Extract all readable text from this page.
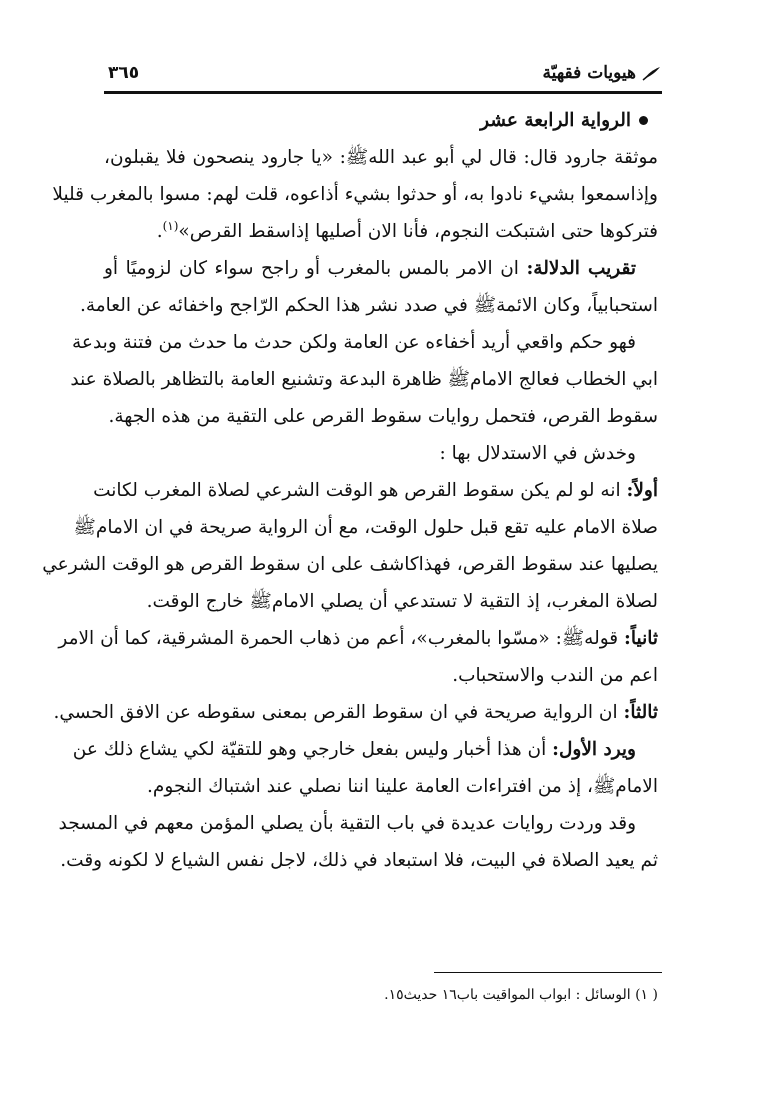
هيويات فقهيّة
٣٦٥
الرواية الرابعة عشر
موثقة جارود قال: قال لي أبو عبد اللهﷺ: «يا جارود ينصحون فلا يقبلون،
وإذاسمعوا بشيء نادوا به، أو حدثوا بشيء أذاعوه، قلت لهم: مسوا بالمغرب قليلا
فتركوها حتى اشتبكت النجوم، فأنا الان أصليها إذاسقط القرص»$^{(١)}$.
تقريب الدلالة: ان الامر بالمس بالمغرب أو راجح سواء كان لزوميًا أو
استحبابياً، وكان الائمةﷺ في صدد نشر هذا الحكم الرّاجح واخفائه عن العامة.
فهو حكم واقعي أريد أخفاءه عن العامة ولكن حدث ما حدث من فتنة وبدعة
ابي الخطاب فعالج الامامﷺ ظاهرة البدعة وتشنيع العامة بالتظاهر بالصلاة عند
سقوط القرص، فتحمل روايات سقوط القرص على التقية من هذه الجهة.
وخدش في الاستدلال بها :
أولاً: انه لو لم يكن سقوط القرص هو الوقت الشرعي لصلاة المغرب لكانت
صلاة الامام عليه تقع قبل حلول الوقت، مع أن الرواية صريحة في ان الامامﷺ
يصليها عند سقوط القرص، فهذاكاشف على ان سقوط القرص هو الوقت الشرعي
لصلاة المغرب، إذ التقية لا تستدعي أن يصلي الامامﷺ خارج الوقت.
ثانياً: قولهﷺ: «مسّوا بالمغرب»، أعم من ذهاب الحمرة المشرقية، كما أن الامر
اعم من الندب والاستحباب.
ثالثاً: ان الرواية صريحة في ان سقوط القرص بمعنى سقوطه عن الافق الحسي.
ويرد الأول: أن هذا أخبار وليس بفعل خارجي وهو للتقيّة لكي يشاع ذلك عن
الامامﷺ، إذ من افتراءات العامة علينا اننا نصلي عند اشتباك النجوم.
وقد وردت روايات عديدة في باب التقية بأن يصلي المؤمن معهم في المسجد
ثم يعيد الصلاة في البيت، فلا استبعاد في ذلك، لاجل نفس الشياع لا لكونه وقت.
( ١) الوسائل : ابواب المواقيت باب١٦ حديث١٥.
